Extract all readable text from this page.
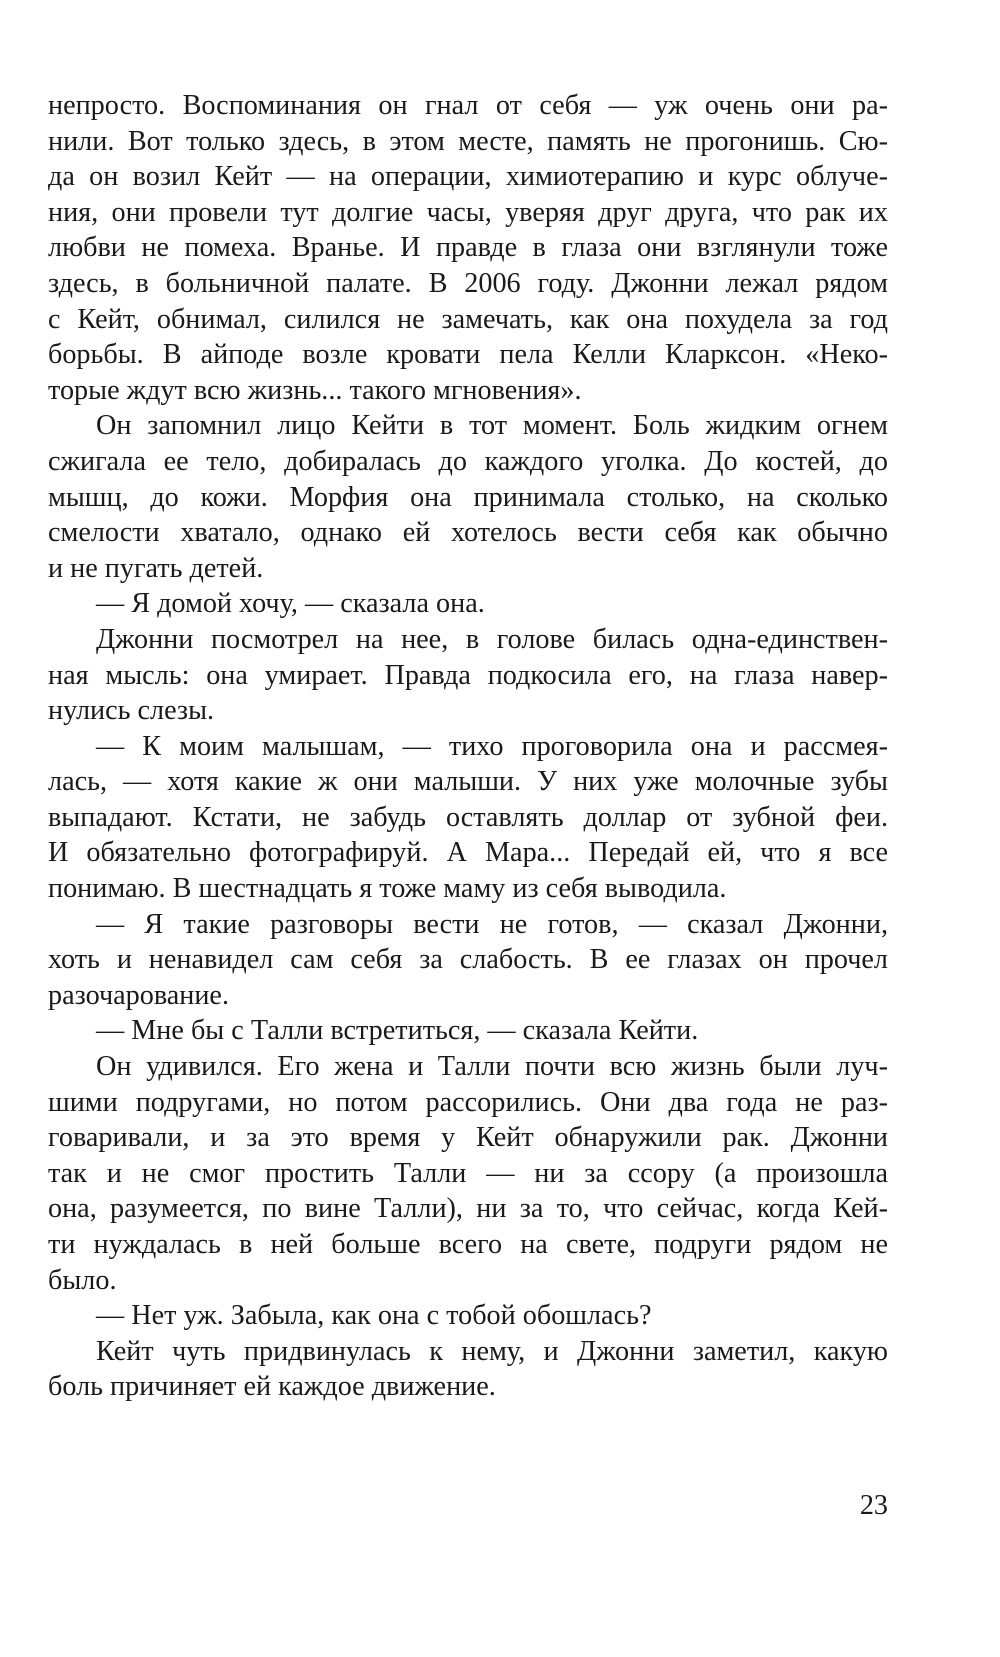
непросто. Воспоминания он гнал от себя — уж очень они ра-
нили. Вот только здесь, в этом месте, память не прогонишь. Сю-
да он возил Кейт — на операции, химиотерапию и курс облуче-
ния, они провели тут долгие часы, уверяя друг друга, что рак их
любви не помеха. Вранье. И правде в глаза они взглянули тоже
здесь, в больничной палате. В 2006 году. Джонни лежал рядом
с Кейт, обнимал, силился не замечать, как она похудела за год
борьбы. В айподе возле кровати пела Келли Кларксон. «Неко-
торые ждут всю жизнь... такого мгновения».
Он запомнил лицо Кейти в тот момент. Боль жидким огнем
сжигала ее тело, добиралась до каждого уголка. До костей, до
мышц, до кожи. Морфия она принимала столько, на сколько
смелости хватало, однако ей хотелось вести себя как обычно
и не пугать детей.
— Я домой хочу, — сказала она.
Джонни посмотрел на нее, в голове билась одна-единствен-
ная мысль: она умирает. Правда подкосила его, на глаза навер-
нулись слезы.
— К моим малышам, — тихо проговорила она и рассмея-
лась, — хотя какие ж они малыши. У них уже молочные зубы
выпадают. Кстати, не забудь оставлять доллар от зубной феи.
И обязательно фотографируй. А Мара... Передай ей, что я все
понимаю. В шестнадцать я тоже маму из себя выводила.
— Я такие разговоры вести не готов, — сказал Джонни,
хоть и ненавидел сам себя за слабость. В ее глазах он прочел
разочарование.
— Мне бы с Талли встретиться, — сказала Кейти.
Он удивился. Его жена и Талли почти всю жизнь были луч-
шими подругами, но потом рассорились. Они два года не раз-
говаривали, и за это время у Кейт обнаружили рак. Джонни
так и не смог простить Талли — ни за ссору (а произошла
она, разумеется, по вине Талли), ни за то, что сейчас, когда Кей-
ти нуждалась в ней больше всего на свете, подруги рядом не
было.
— Нет уж. Забыла, как она с тобой обошлась?
Кейт чуть придвинулась к нему, и Джонни заметил, какую
боль причиняет ей каждое движение.
23
